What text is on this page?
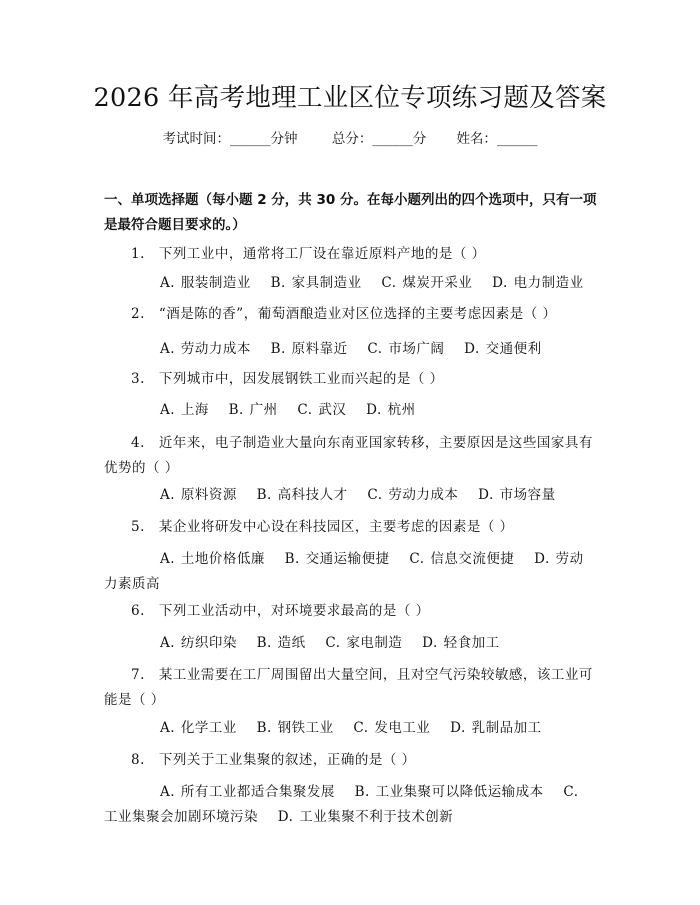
2026 年高考地理工业区位专项练习题及答案
考试时间：______分钟	总分：______分 姓名：______
一、单项选择题（每小题 2 分，共 30 分。在每小题列出的四个选项中，只有一项是最符合题目要求的。）
1.　 下列工业中，通常将工厂设在靠近原料产地的是（ ）
A. 服装制造业　 B. 家具制造业　 C. 煤炭开采业　 D. 电力制造业
2.　 “酒是陈的香”，葡萄酒酿造业对区位选择的主要考虑因素是（ ）
A. 劳动力成本　 B. 原料靠近　 C. 市场广阔　 D. 交通便利
3.　 下列城市中，因发展钢铁工业而兴起的是（ ）
A. 上海　 B. 广州　 C. 武汉　 D. 杭州
4.　 近年来，电子制造业大量向东南亚国家转移，主要原因是这些国家具有优势的（ ）
A. 原料资源　 B. 高科技人才　 C. 劳动力成本　 D. 市场容量
5.　 某企业将研发中心设在科技园区，主要考虑的因素是（ ）
A. 土地价格低廉　 B. 交通运输便捷　 C. 信息交流便捷　 D. 劳动力素质高
6.　 下列工业活动中，对环境要求最高的是（ ）
A. 纺织印染　 B. 造纸　 C. 家电制造　 D. 轻食加工
7.　 某工业需要在工厂周围留出大量空间，且对空气污染较敏感，该工业可能是（ ）
A. 化学工业　 B. 钢铁工业　 C. 发电工业　 D. 乳制品加工
8.　 下列关于工业集聚的叙述，正确的是（ ）
A. 所有工业都适合集聚发展　 B. 工业集聚可以降低运输成本　 C. 工业集聚会加剧环境污染　 D. 工业集聚不利于技术创新
